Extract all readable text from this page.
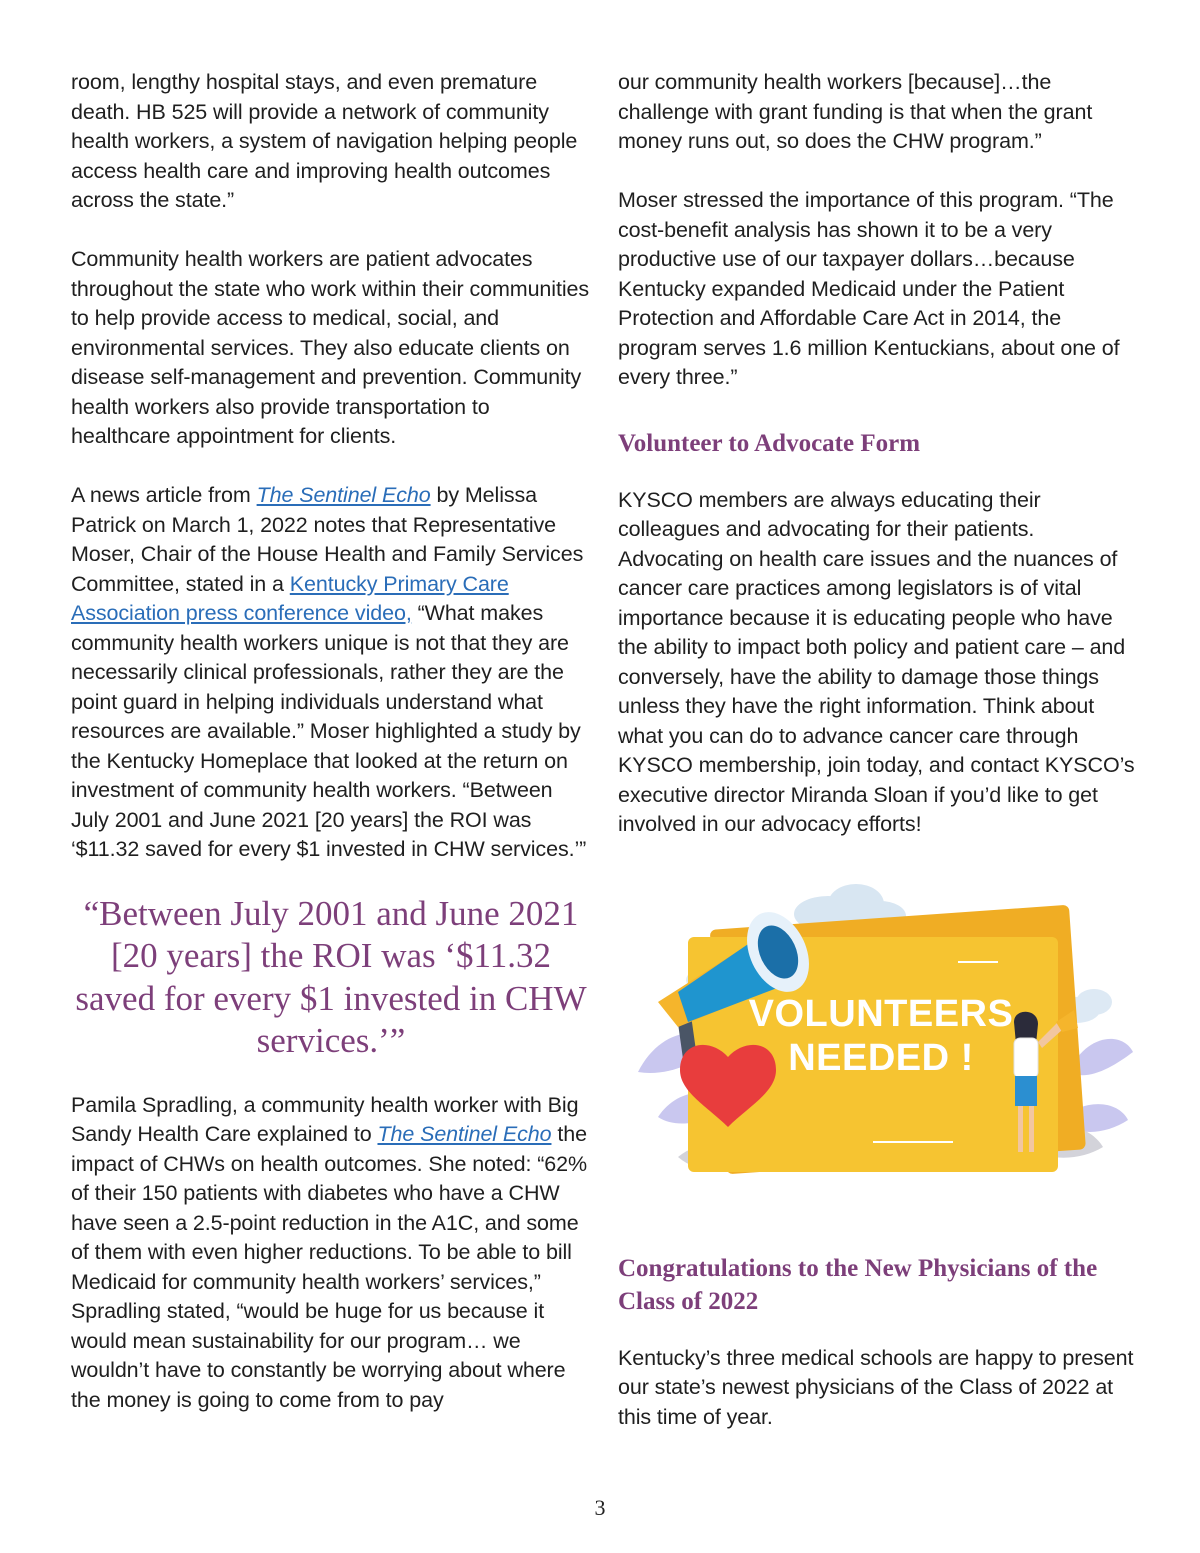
room, lengthy hospital stays, and even premature death. HB 525 will provide a network of community health workers, a system of navigation helping people access health care and improving health outcomes across the state.”

Community health workers are patient advocates throughout the state who work within their communities to help provide access to medical, social, and environmental services. They also educate clients on disease self-management and prevention. Community health workers also provide transportation to healthcare appointment for clients.

A news article from The Sentinel Echo by Melissa Patrick on March 1, 2022 notes that Representative Moser, Chair of the House Health and Family Services Committee, stated in a Kentucky Primary Care Association press conference video, “What makes community health workers unique is not that they are necessarily clinical professionals, rather they are the point guard in helping individuals understand what resources are available.” Moser highlighted a study by the Kentucky Homeplace that looked at the return on investment of community health workers. “Between July 2001 and June 2021 [20 years] the ROI was ‘$11.32 saved for every $1 invested in CHW services.’”

“Between July 2001 and June 2021 [20 years] the ROI was ‘$11.32 saved for every $1 invested in CHW services.’”

Pamila Spradling, a community health worker with Big Sandy Health Care explained to The Sentinel Echo the impact of CHWs on health outcomes. She noted: “62% of their 150 patients with diabetes who have a CHW have seen a 2.5-point reduction in the A1C, and some of them with even higher reductions. To be able to bill Medicaid for community health workers’ services,” Spradling stated, “would be huge for us because it would mean sustainability for our program… we wouldn’t have to constantly be worrying about where the money is going to come from to pay

our community health workers [because]…the challenge with grant funding is that when the grant money runs out, so does the CHW program.”

Moser stressed the importance of this program. “The cost-benefit analysis has shown it to be a very productive use of our taxpayer dollars…because Kentucky expanded Medicaid under the Patient Protection and Affordable Care Act in 2014, the program serves 1.6 million Kentuckians, about one of every three.”

Volunteer to Advocate Form

KYSCO members are always educating their colleagues and advocating for their patients. Advocating on health care issues and the nuances of cancer care practices among legislators is of vital importance because it is educating people who have the ability to impact both policy and patient care – and conversely, have the ability to damage those things unless they have the right information. Think about what you can do to advance cancer care through KYSCO membership, join today, and contact KYSCO’s executive director Miranda Sloan if you’d like to get involved in our advocacy efforts!

VOLUNTEERS
NEEDED !
Congratulations to the New Physicians of the Class of 2022

Kentucky’s three medical schools are happy to present our state’s newest physicians of the Class of 2022 at this time of year.

3
